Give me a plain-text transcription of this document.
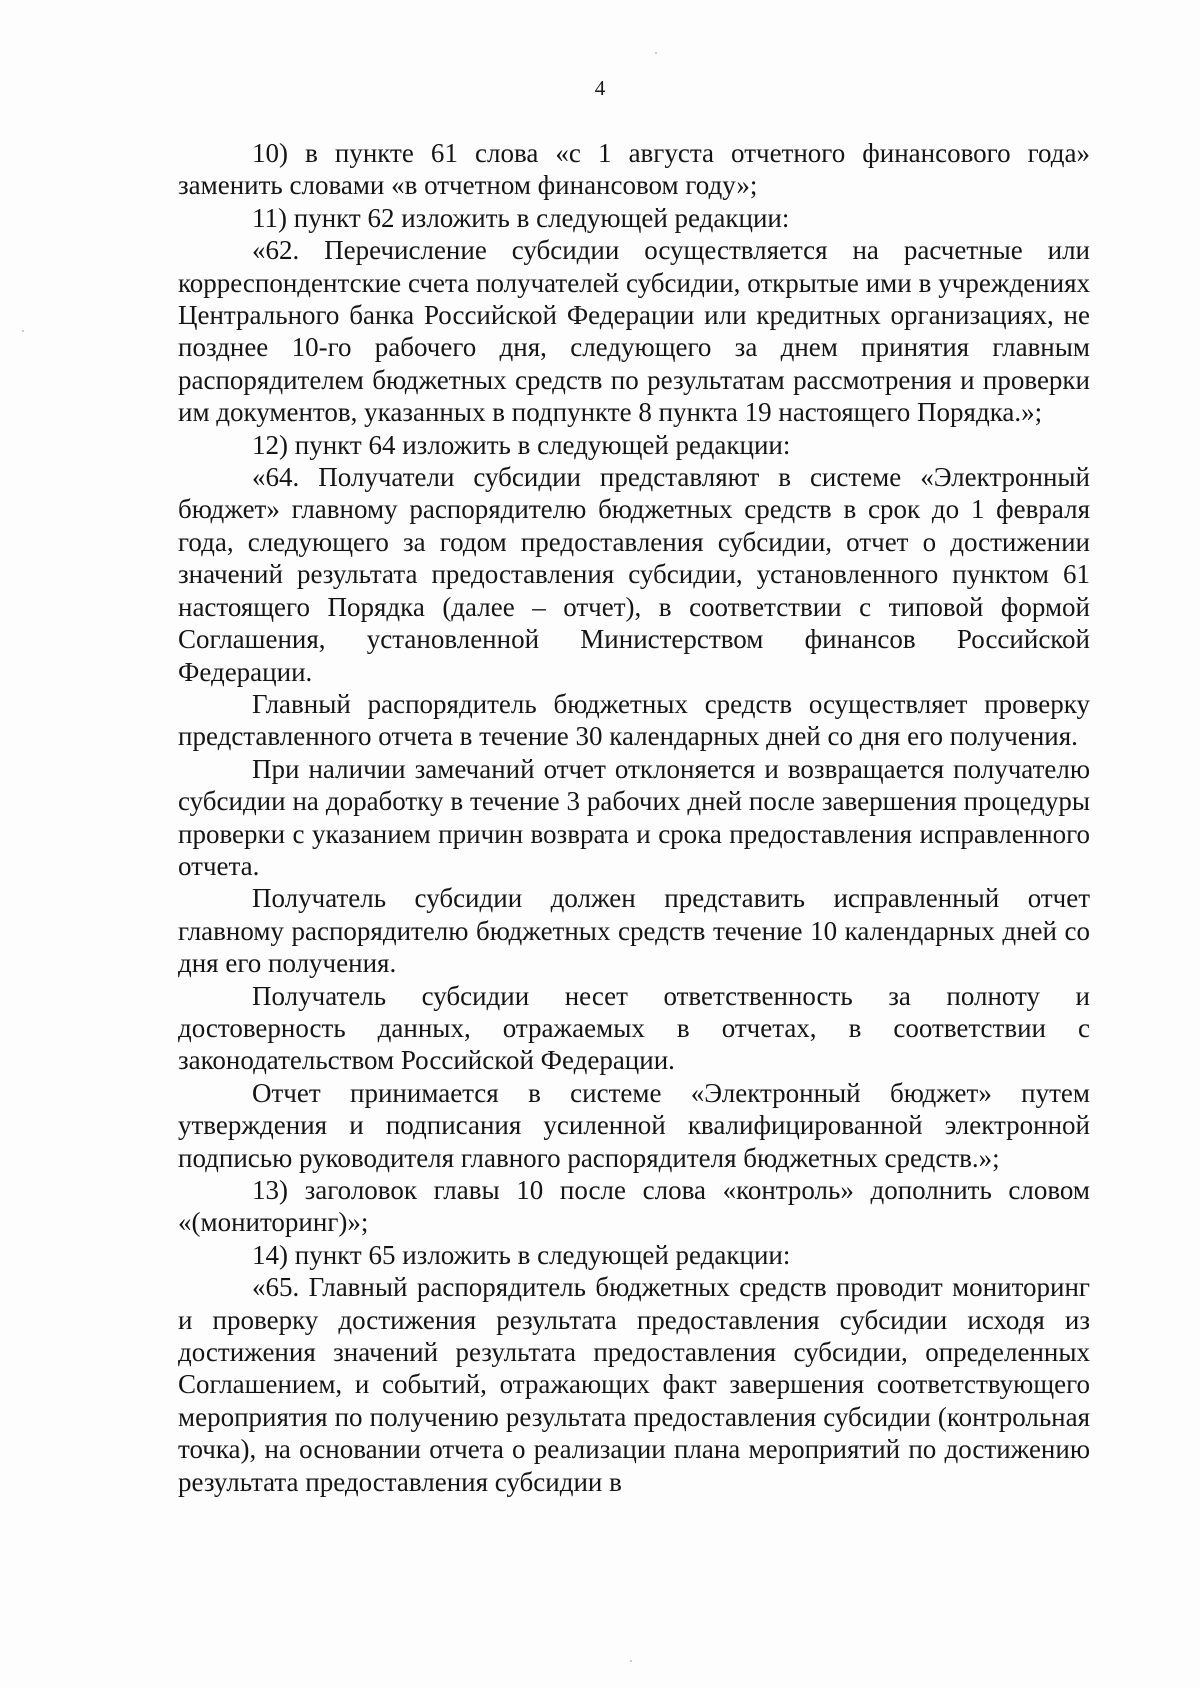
4

10) в пункте 61 слова «с 1 августа отчетного финансового года» заменить словами «в отчетном финансовом году»;

11) пункт 62 изложить в следующей редакции:

«62. Перечисление субсидии осуществляется на расчетные или корреспондентские счета получателей субсидии, открытые ими в учреждениях Центрального банка Российской Федерации или кредитных организациях, не позднее 10-го рабочего дня, следующего за днем принятия главным распорядителем бюджетных средств по результатам рассмотрения и проверки им документов, указанных в подпункте 8 пункта 19 настоящего Порядка.»;

12) пункт 64 изложить в следующей редакции:

«64. Получатели субсидии представляют в системе «Электронный бюджет» главному распорядителю бюджетных средств в срок до 1 февраля года, следующего за годом предоставления субсидии, отчет о достижении значений результата предоставления субсидии, установленного пунктом 61 настоящего Порядка (далее – отчет), в соответствии с типовой формой Соглашения, установленной Министерством финансов Российской Федерации.

Главный распорядитель бюджетных средств осуществляет проверку представленного отчета в течение 30 календарных дней со дня его получения.

При наличии замечаний отчет отклоняется и возвращается получателю субсидии на доработку в течение 3 рабочих дней после завершения процедуры проверки с указанием причин возврата и срока предоставления исправленного отчета.

Получатель субсидии должен представить исправленный отчет главному распорядителю бюджетных средств течение 10 календарных дней со дня его получения.

Получатель субсидии несет ответственность за полноту и достоверность данных, отражаемых в отчетах, в соответствии с законодательством Российской Федерации.

Отчет принимается в системе «Электронный бюджет» путем утверждения и подписания усиленной квалифицированной электронной подписью руководителя главного распорядителя бюджетных средств.»;

13) заголовок главы 10 после слова «контроль» дополнить словом «(мониторинг)»;

14) пункт 65 изложить в следующей редакции:

«65. Главный распорядитель бюджетных средств проводит мониторинг и проверку достижения результата предоставления субсидии исходя из достижения значений результата предоставления субсидии, определенных Соглашением, и событий, отражающих факт завершения соответствующего мероприятия по получению результата предоставления субсидии (контрольная точка), на основании отчета о реализации плана мероприятий по достижению результата предоставления субсидии в
